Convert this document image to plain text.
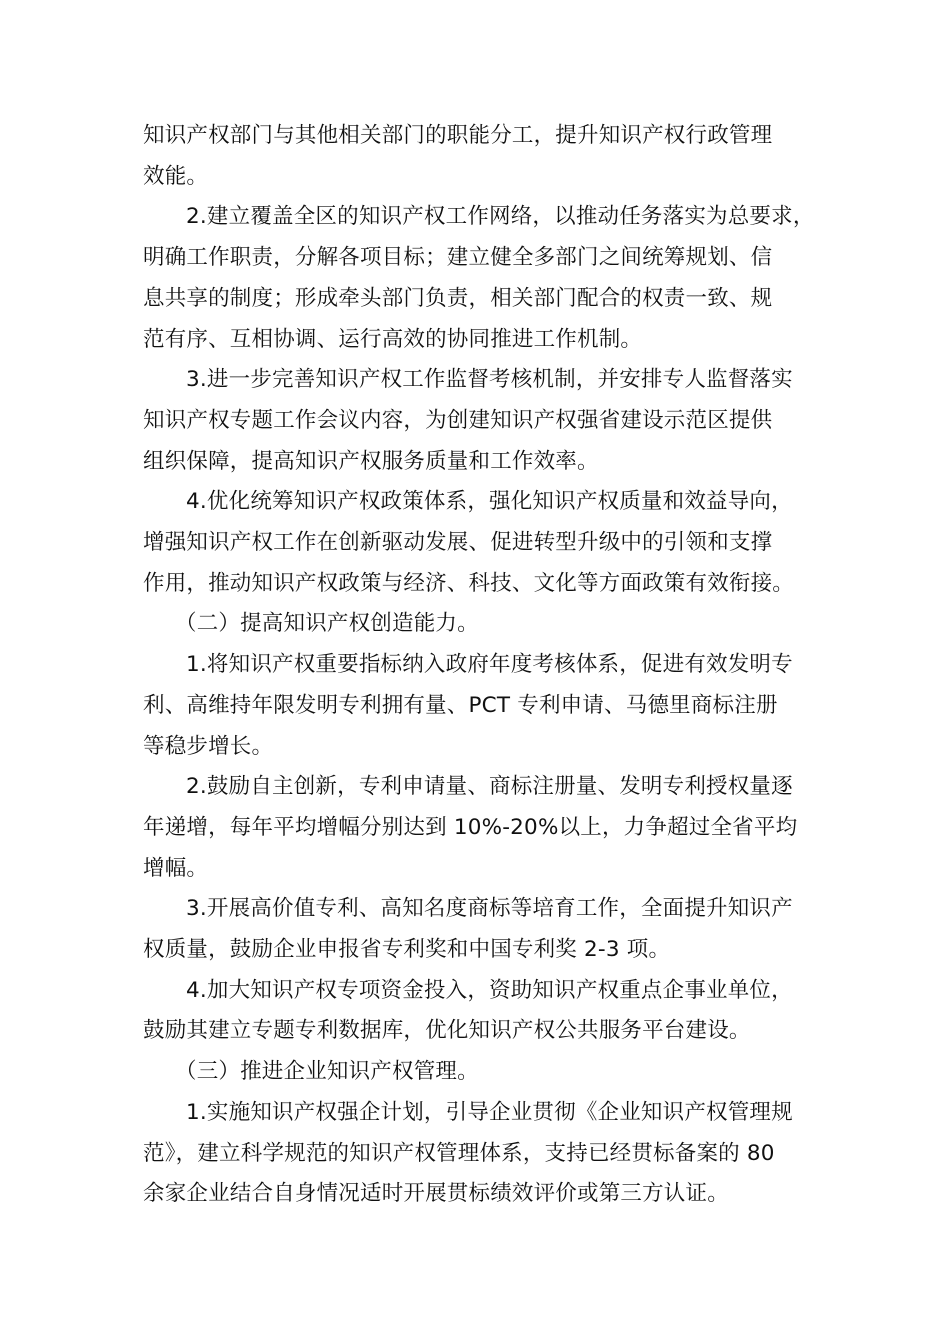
知识产权部门与其他相关部门的职能分工，提升知识产权行政管理
效能。

2.建立覆盖全区的知识产权工作网络，以推动任务落实为总要求，
明确工作职责，分解各项目标；建立健全多部门之间统筹规划、信
息共享的制度；形成牵头部门负责，相关部门配合的权责一致、规
范有序、互相协调、运行高效的协同推进工作机制。

3.进一步完善知识产权工作监督考核机制，并安排专人监督落实
知识产权专题工作会议内容，为创建知识产权强省建设示范区提供
组织保障，提高知识产权服务质量和工作效率。

4.优化统筹知识产权政策体系，强化知识产权质量和效益导向，
增强知识产权工作在创新驱动发展、促进转型升级中的引领和支撑
作用，推动知识产权政策与经济、科技、文化等方面政策有效衔接。

（二）提高知识产权创造能力。

1.将知识产权重要指标纳入政府年度考核体系，促进有效发明专
利、高维持年限发明专利拥有量、PCT 专利申请、马德里商标注册
等稳步增长。

2.鼓励自主创新，专利申请量、商标注册量、发明专利授权量逐
年递增，每年平均增幅分别达到 10%-20%以上，力争超过全省平均
增幅。

3.开展高价值专利、高知名度商标等培育工作，全面提升知识产
权质量，鼓励企业申报省专利奖和中国专利奖 2-3 项。

4.加大知识产权专项资金投入，资助知识产权重点企事业单位，
鼓励其建立专题专利数据库，优化知识产权公共服务平台建设。

（三）推进企业知识产权管理。

1.实施知识产权强企计划，引导企业贯彻《企业知识产权管理规
范》，建立科学规范的知识产权管理体系，支持已经贯标备案的 80
余家企业结合自身情况适时开展贯标绩效评价或第三方认证。
